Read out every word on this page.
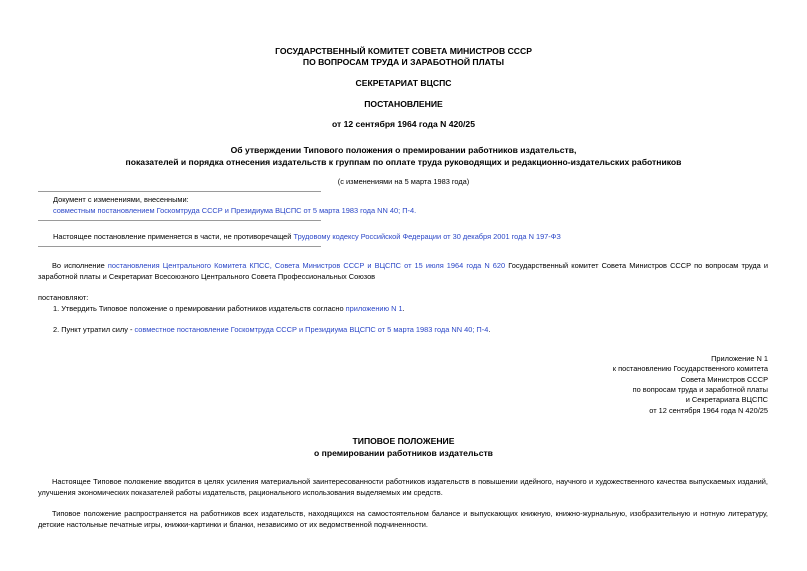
ГОСУДАРСТВЕННЫЙ КОМИТЕТ СОВЕТА МИНИСТРОВ СССР
ПО ВОПРОСАМ ТРУДА И ЗАРАБОТНОЙ ПЛАТЫ
СЕКРЕТАРИАТ ВЦСПС
ПОСТАНОВЛЕНИЕ
от 12 сентября 1964 года N 420/25
Об утверждении Типового положения о премировании работников издательств,
показателей и порядка отнесения издательств к группам по оплате труда руководящих и редакционно-издательских работников
(с изменениями на 5 марта 1983 года)
Документ с изменениями, внесенными:
совместным постановлением Госкомтруда СССР и Президиума ВЦСПС от 5 марта 1983 года NN 40; П-4.
Настоящее постановление применяется в части, не противоречащей Трудовому кодексу Российской Федерации от 30 декабря 2001 года N 197-ФЗ
Во исполнение постановления Центрального Комитета КПСС, Совета Министров СССР и ВЦСПС от 15 июля 1964 года N 620 Государственный комитет Совета Министров СССР по вопросам труда и заработной платы и Секретариат Всесоюзного Центрального Совета Профессиональных Союзов
постановляют:
1. Утвердить Типовое положение о премировании работников издательств согласно приложению N 1.
2. Пункт утратил силу - совместное постановление Госкомтруда СССР и Президиума ВЦСПС от 5 марта 1983 года NN 40; П-4.
Приложение N 1
к постановлению Государственного комитета
Совета Министров СССР
по вопросам труда и заработной платы
и Секретариата ВЦСПС
от 12 сентября 1964 года N 420/25
ТИПОВОЕ ПОЛОЖЕНИЕ
о премировании работников издательств
Настоящее Типовое положение вводится в целях усиления материальной заинтересованности работников издательств в повышении идейного, научного и художественного качества выпускаемых изданий, улучшения экономических показателей работы издательств, рационального использования выделяемых им средств.
Типовое положение распространяется на работников всех издательств, находящихся на самостоятельном балансе и выпускающих книжную, книжно-журнальную, изобразительную и нотную литературу, детские настольные печатные игры, книжки-картинки и бланки, независимо от их ведомственной подчиненности.
